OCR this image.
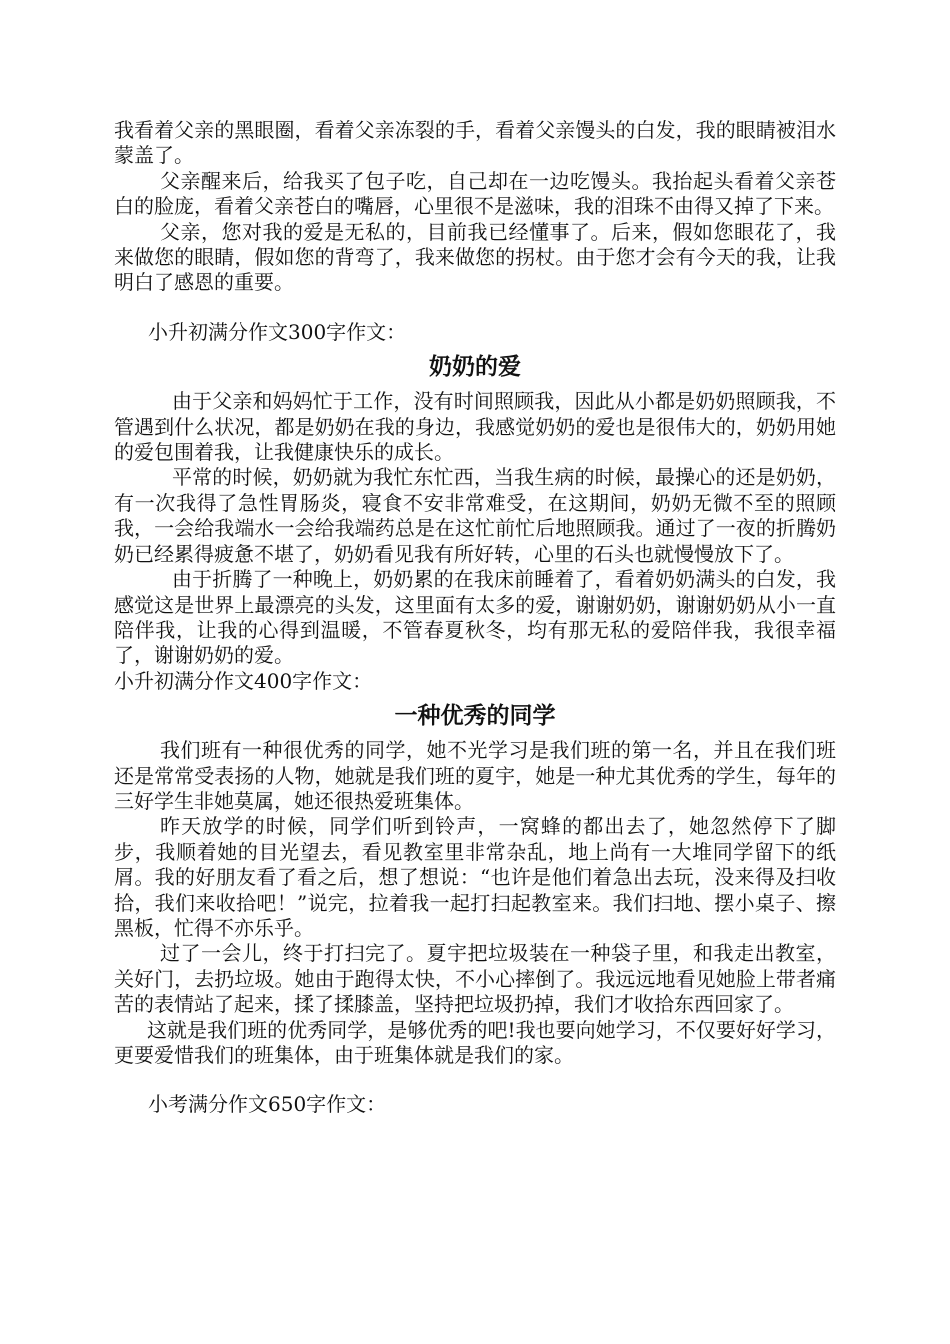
我看着父亲的黑眼圈，看着父亲冻裂的手，看着父亲馒头的白发，我的眼睛被泪水蒙盖了。

父亲醒来后，给我买了包子吃，自己却在一边吃馒头。我抬起头看着父亲苍白的脸庞，看着父亲苍白的嘴唇，心里很不是滋味，我的泪珠不由得又掉了下来。

父亲，您对我的爱是无私的，目前我已经懂事了。后来，假如您眼花了，我来做您的眼睛，假如您的背弯了，我来做您的拐杖。由于您才会有今天的我，让我明白了感恩的重要。

小升初满分作文300字作文：

奶奶的爱

由于父亲和妈妈忙于工作，没有时间照顾我，因此从小都是奶奶照顾我，不管遇到什么状况，都是奶奶在我的身边，我感觉奶奶的爱也是很伟大的，奶奶用她的爱包围着我，让我健康快乐的成长。

平常的时候，奶奶就为我忙东忙西，当我生病的时候，最操心的还是奶奶，有一次我得了急性胃肠炎，寝食不安非常难受，在这期间，奶奶无微不至的照顾我，一会给我端水一会给我端药总是在这忙前忙后地照顾我。通过了一夜的折腾奶奶已经累得疲惫不堪了，奶奶看见我有所好转，心里的石头也就慢慢放下了。

由于折腾了一种晚上，奶奶累的在我床前睡着了，看着奶奶满头的白发，我感觉这是世界上最漂亮的头发，这里面有太多的爱，谢谢奶奶，谢谢奶奶从小一直陪伴我，让我的心得到温暖，不管春夏秋冬，均有那无私的爱陪伴我，我很幸福了，谢谢奶奶的爱。

小升初满分作文400字作文：

一种优秀的同学

我们班有一种很优秀的同学，她不光学习是我们班的第一名，并且在我们班还是常常受表扬的人物，她就是我们班的夏宇，她是一种尤其优秀的学生，每年的三好学生非她莫属，她还很热爱班集体。

昨天放学的时候，同学们听到铃声，一窝蜂的都出去了，她忽然停下了脚步，我顺着她的目光望去，看见教室里非常杂乱，地上尚有一大堆同学留下的纸屑。我的好朋友看了看之后，想了想说：“也许是他们着急出去玩，没来得及扫收拾，我们来收拾吧！”说完，拉着我一起打扫起教室来。我们扫地、摆小桌子、擦黑板，忙得不亦乐乎。

过了一会儿，终于打扫完了。夏宇把垃圾装在一种袋子里，和我走出教室，关好门，去扔垃圾。她由于跑得太快，不小心摔倒了。我远远地看见她脸上带者痛苦的表情站了起来，揉了揉膝盖，坚持把垃圾扔掉，我们才收拾东西回家了。

这就是我们班的优秀同学，是够优秀的吧!我也要向她学习，不仅要好好学习，更要爱惜我们的班集体，由于班集体就是我们的家。

小考满分作文650字作文：
